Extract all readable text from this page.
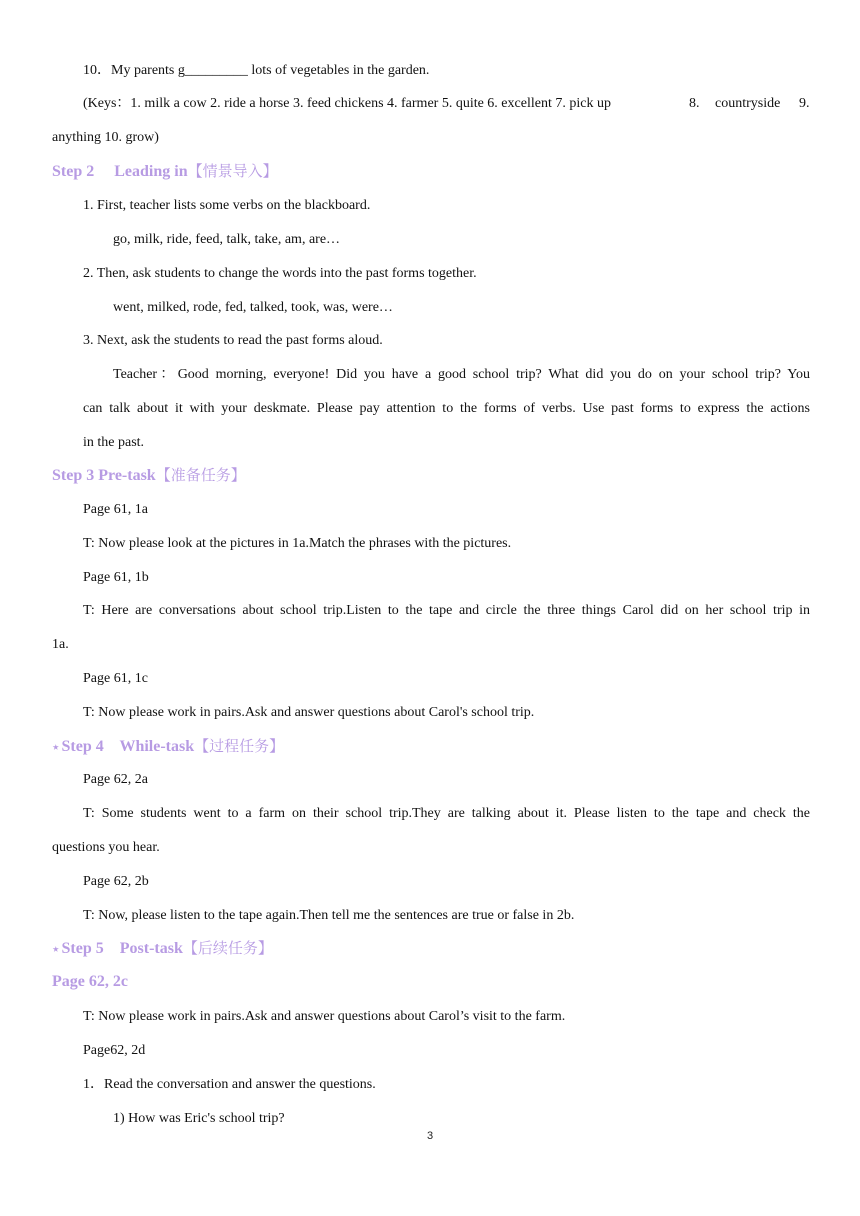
10．My parents g_________ lots of vegetables in the garden.
(Keys：1. milk a cow 2. ride a horse 3. feed chickens 4. farmer 5. quite 6. excellent 7. pick up	8. countryside 9.
anything 10. grow)
Step 2     Leading in【情景导入】
1. First, teacher lists some verbs on the blackboard.
go, milk, ride, feed, talk, take, am, are…
2. Then, ask students to change the words into the past forms together.
went, milked, rode, fed, talked, took, was, were…
3. Next, ask the students to read the past forms aloud.
Teacher：Good morning, everyone! Did you have a good school trip? What did you do on your school trip? You
can talk about it with your deskmate. Please pay attention to the forms of verbs. Use past forms to express the actions
in the past.
Step 3 Pre-task【准备任务】
Page 61, 1a
T: Now please look at the pictures in 1a.Match the phrases with the pictures.
Page 61, 1b
T: Here are conversations about school trip.Listen to the tape and circle the three things Carol did on her school trip in
1a.
Page 61, 1c
T: Now please work in pairs.Ask and answer questions about Carol's school trip.
⋆ Step 4    While-task【过程任务】
Page 62, 2a
T: Some students went to a farm on their school trip.They are talking about it. Please listen to the tape and check the
questions you hear.
Page 62, 2b
T: Now, please listen to the tape again.Then tell me the sentences are true or false in 2b.
⋆ Step 5    Post-task【后续任务】
Page 62, 2c
T: Now please work in pairs.Ask and answer questions about Carol’s visit to the farm.
Page62, 2d
1．Read the conversation and answer the questions.
1) How was Eric's school trip?
3
